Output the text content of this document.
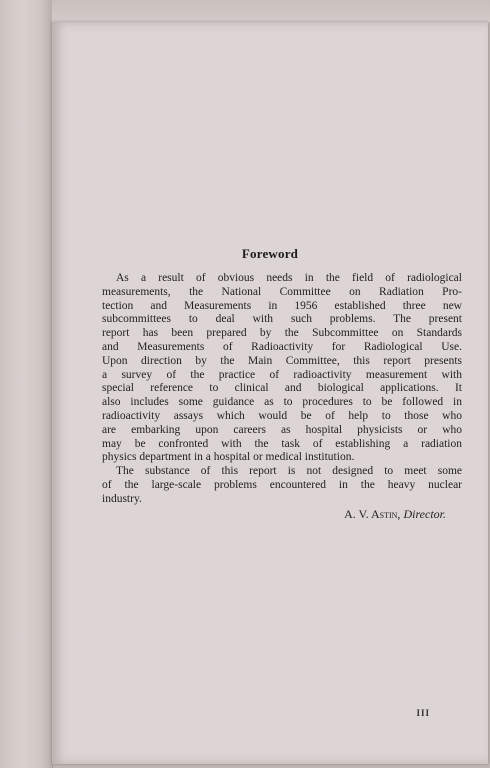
Foreword
As a result of obvious needs in the field of radiological
measurements, the National Committee on Radiation Pro-
tection and Measurements in 1956 established three new
subcommittees to deal with such problems. The present
report has been prepared by the Subcommittee on Standards
and Measurements of Radioactivity for Radiological Use.
Upon direction by the Main Committee, this report presents
a survey of the practice of radioactivity measurement with
special reference to clinical and biological applications. It
also includes some guidance as to procedures to be followed in
radioactivity assays which would be of help to those who
are embarking upon careers as hospital physicists or who
may be confronted with the task of establishing a radiation
physics department in a hospital or medical institution.
The substance of this report is not designed to meet some
of the large-scale problems encountered in the heavy nuclear
industry.
A. V. Astin, Director.
III
